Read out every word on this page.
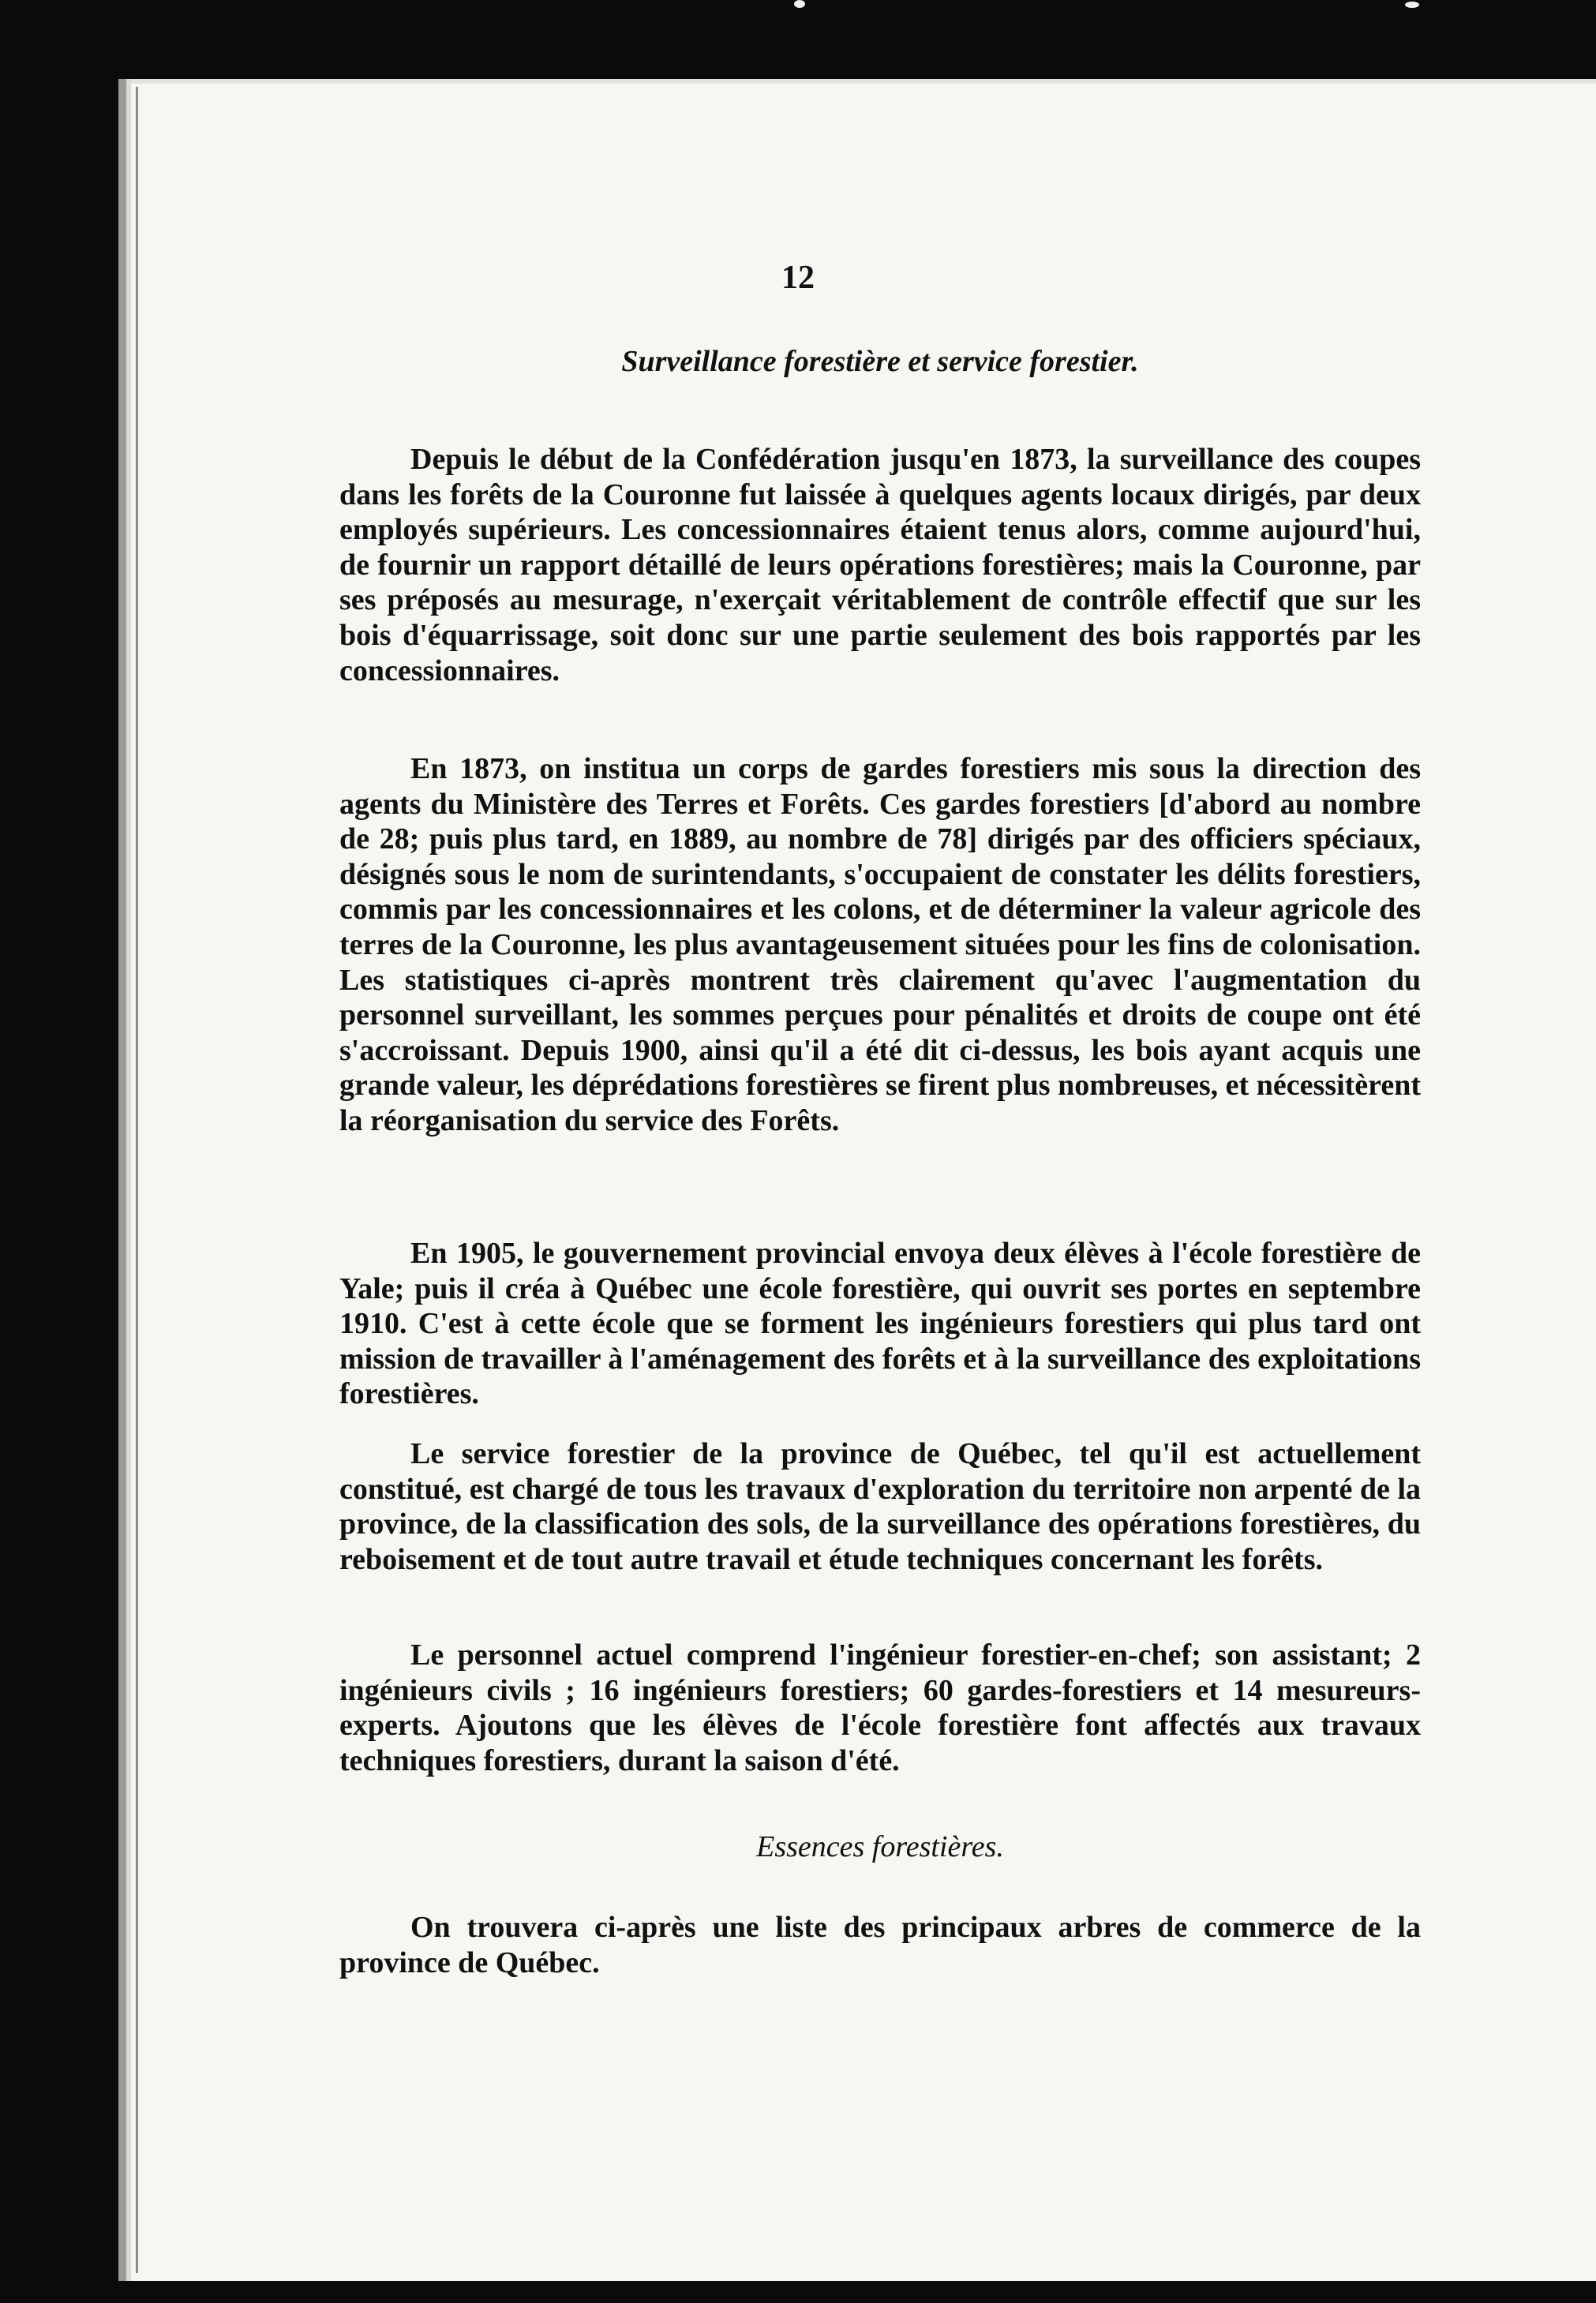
12
Surveillance forestière et service forestier.

Depuis le début de la Confédération jusqu'en 1873, la surveillance des coupes dans les forêts de la Couronne fut laissée à quelques agents locaux dirigés, par deux employés supérieurs. Les concessionnaires étaient tenus alors, comme aujourd'hui, de fournir un rapport détaillé de leurs opérations forestières; mais la Couronne, par ses préposés au mesurage, n'exerçait véritablement de contrôle effectif que sur les bois d'équarrissage, soit donc sur une partie seulement des bois rapportés par les concessionnaires.

En 1873, on institua un corps de gardes forestiers mis sous la direction des agents du Ministère des Terres et Forêts. Ces gardes forestiers [d'abord au nombre de 28; puis plus tard, en 1889, au nombre de 78] dirigés par des officiers spéciaux, désignés sous le nom de surintendants, s'occupaient de constater les délits forestiers, commis par les concessionnaires et les colons, et de déterminer la valeur agricole des terres de la Couronne, les plus avantageusement situées pour les fins de colonisation. Les statistiques ci-après montrent très clairement qu'avec l'augmentation du personnel surveillant, les sommes perçues pour pénalités et droits de coupe ont été s'accroissant. Depuis 1900, ainsi qu'il a été dit ci-dessus, les bois ayant acquis une grande valeur, les déprédations forestières se firent plus nombreuses, et nécessitèrent la réorganisation du service des Forêts.

En 1905, le gouvernement provincial envoya deux élèves à l'école forestière de Yale; puis il créa à Québec une école forestière, qui ouvrit ses portes en septembre 1910. C'est à cette école que se forment les ingénieurs forestiers qui plus tard ont mission de travailler à l'aménagement des forêts et à la surveillance des exploitations forestières.

Le service forestier de la province de Québec, tel qu'il est actuellement constitué, est chargé de tous les travaux d'exploration du territoire non arpenté de la province, de la classification des sols, de la surveillance des opérations forestières, du reboisement et de tout autre travail et étude techniques concernant les forêts.

Le personnel actuel comprend l'ingénieur forestier-en-chef; son assistant; 2 ingénieurs civils ; 16 ingénieurs forestiers; 60 gardes-forestiers et 14 mesureurs-experts. Ajoutons que les élèves de l'école forestière font affectés aux travaux techniques forestiers, durant la saison d'été.

Essences forestières.

On trouvera ci-après une liste des principaux arbres de commerce de la province de Québec.
